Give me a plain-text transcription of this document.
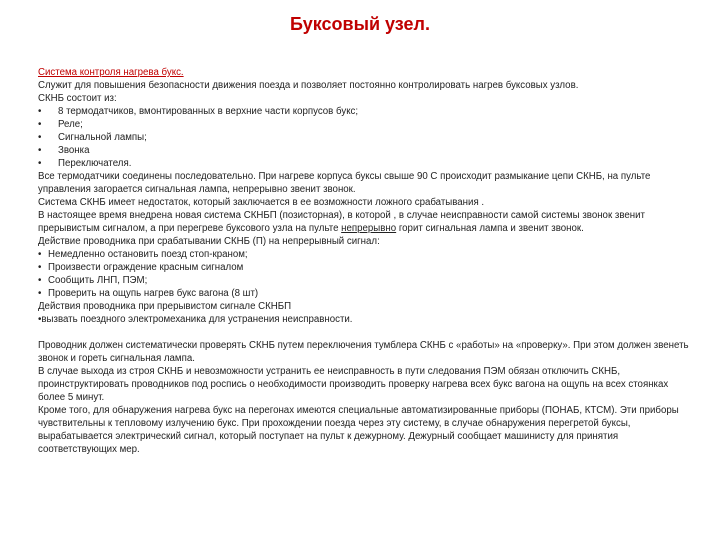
Буксовый узел.

Система контроля нагрева букс.

Служит для повышения безопасности движения поезда и позволяет постоянно контролировать нагрев буксовых узлов.

СКНБ состоит из:

•	8 термодатчиков, вмонтированных в верхние части корпусов букс;
•	Реле;
•	Сигнальной лампы;
•	Звонка
•	Переключателя.

Все термодатчики соединены последовательно. При нагреве корпуса буксы свыше 90 С происходит размыкание цепи СКНБ, на пульте управления загорается сигнальная лампа, непрерывно звенит звонок.

Система СКНБ имеет недостаток, который заключается в ее возможности ложного срабатывания .

В настоящее время внедрена новая система СКНБП (позисторная), в которой , в случае неисправности самой системы звонок звенит прерывистым сигналом, а при перегреве буксового узла на пульте непрерывно горит сигнальная лампа и звенит звонок.

Действие проводника при срабатывании СКНБ (П) на непрерывный сигнал:

• Немедленно остановить поезд стоп-краном;
• Произвести ограждение красным сигналом
• Сообщить ЛНП, ПЭМ;
• Проверить на ощупь нагрев букс вагона (8 шт)

Действия проводника при прерывистом сигнале СКНБП

•вызвать поездного электромеханика для устранения неисправности.

Проводник должен систематически проверять СКНБ путем переключения тумблера СКНБ с «работы» на «проверку». При этом должен звенеть звонок и гореть сигнальная лампа.

В случае выхода из строя СКНБ и невозможности устранить ее неисправность в пути следования ПЭМ обязан отключить СКНБ, проинструктировать проводников под роспись о необходимости производить проверку нагрева всех букс вагона на ощупь на всех стоянках более 5 минут.

Кроме того, для обнаружения нагрева букс на перегонах имеются специальные автоматизированные приборы (ПОНАБ, КТСМ). Эти приборы чувствительны к тепловому излучению букс. При прохождении поезда через эту систему, в случае обнаружения перегретой буксы, вырабатывается электрический сигнал, который поступает на пульт к дежурному. Дежурный сообщает машинисту для принятия соответствующих мер.
